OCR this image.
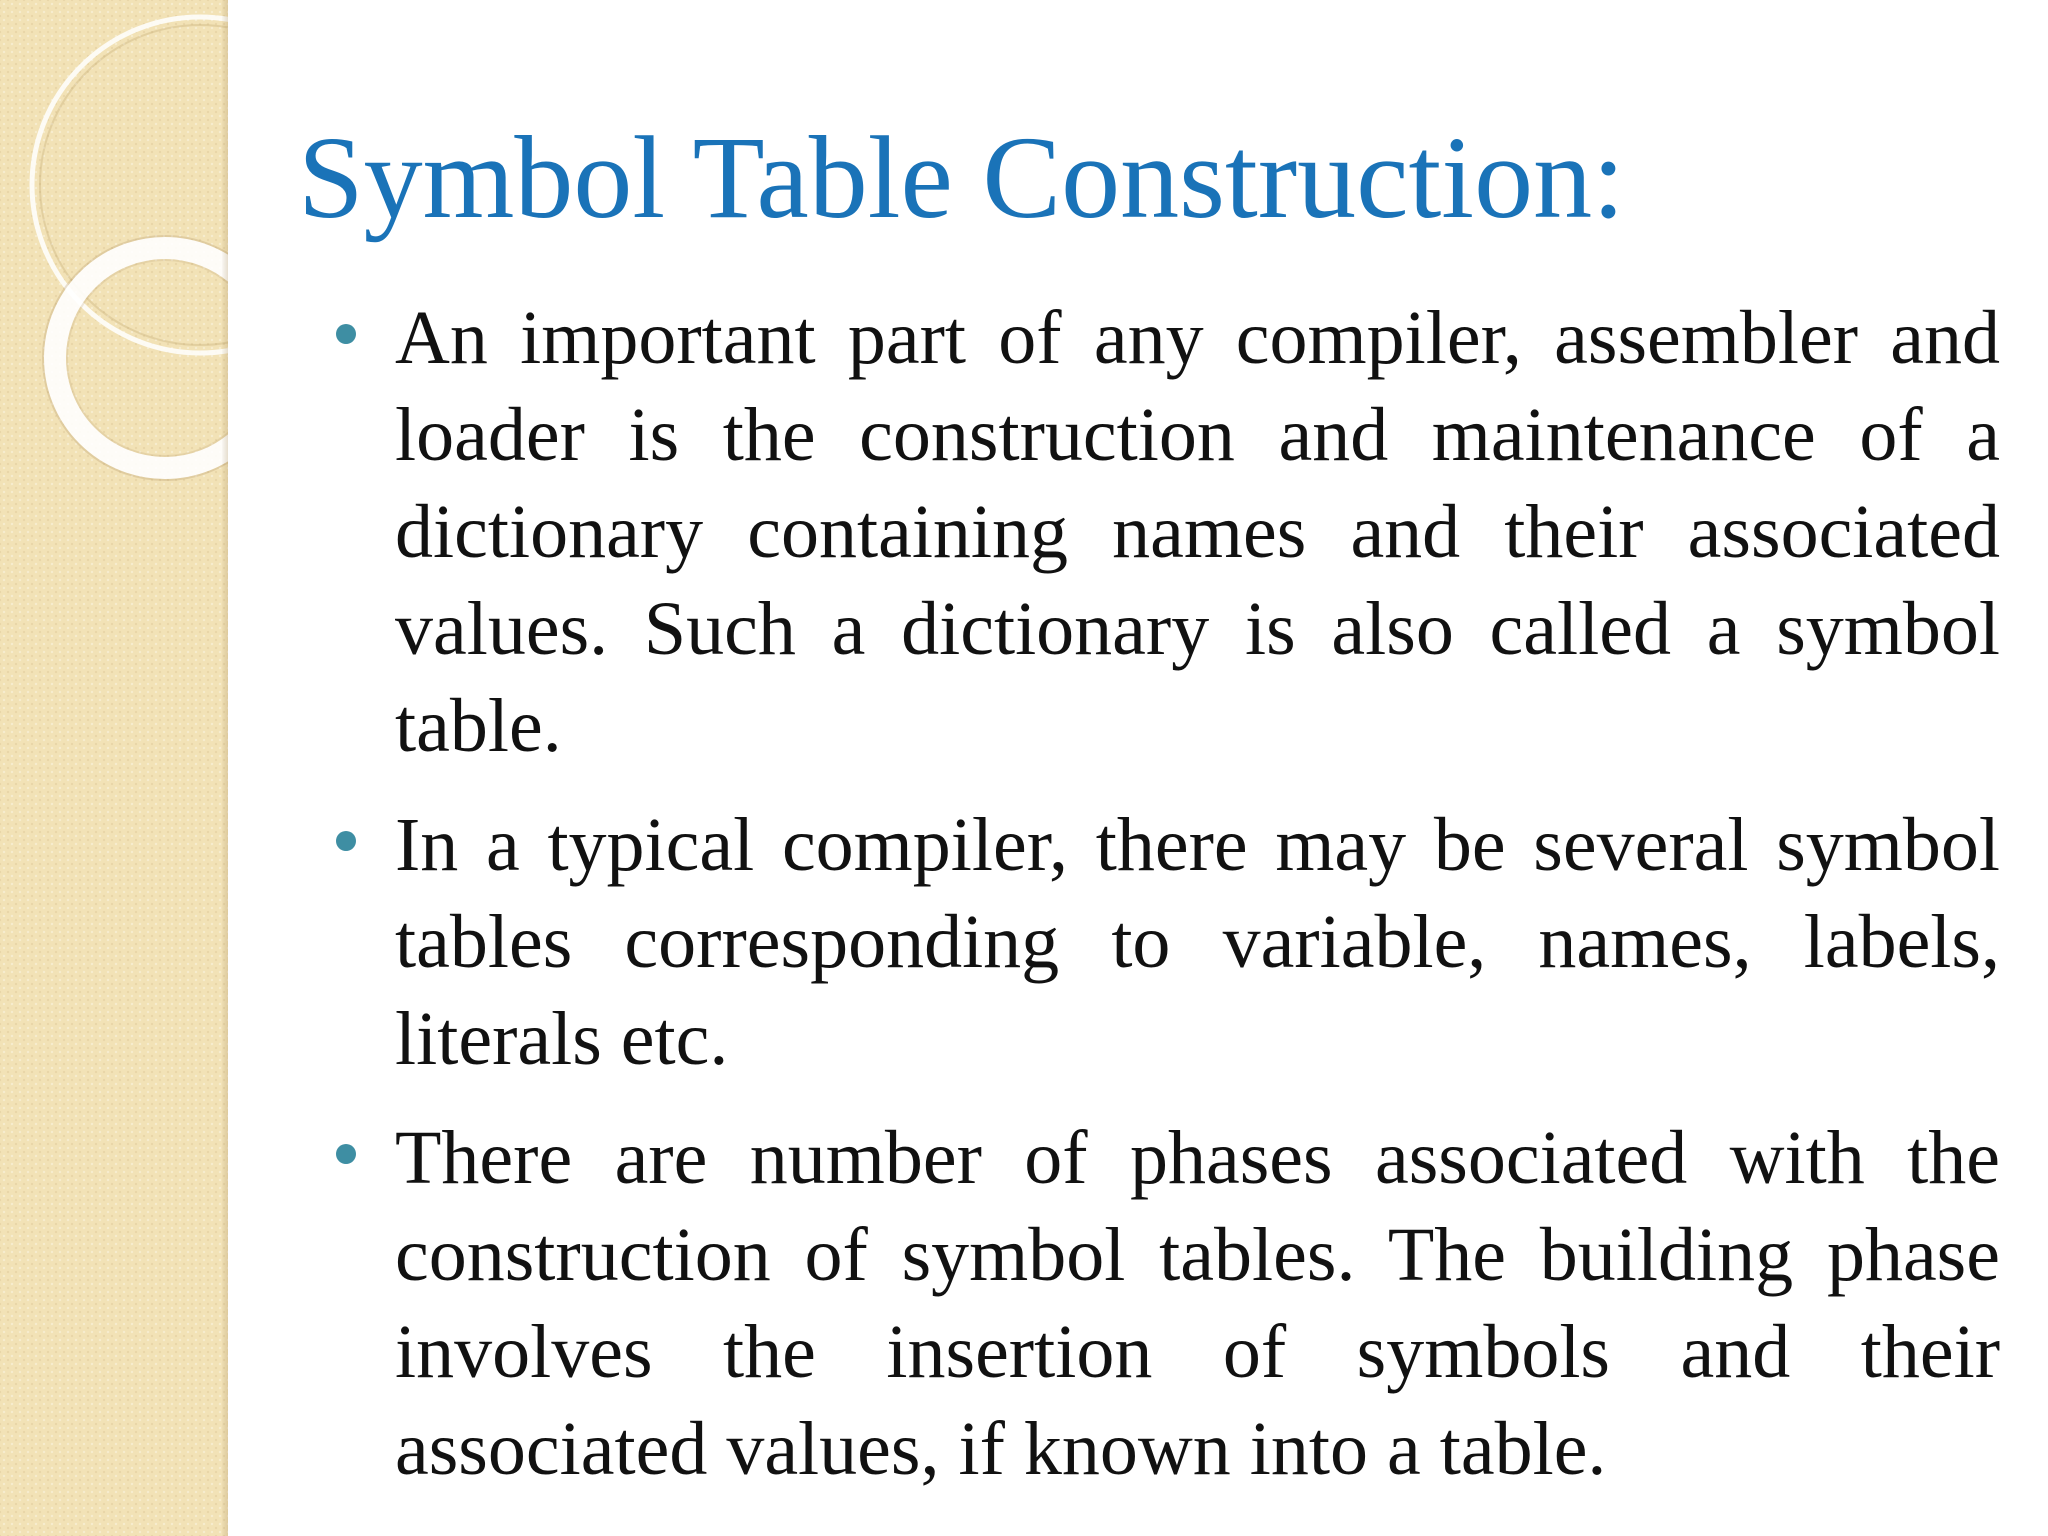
Symbol Table Construction:
An important part of any compiler, assembler and loader is the construction and maintenance of a dictionary containing names and their associated values. Such a dictionary is also called a symbol table.
In a typical compiler, there may be several symbol tables corresponding to variable, names, labels, literals etc.
There are number of phases associated with the construction of symbol tables. The building phase involves the insertion of symbols and their associated values, if known into a table.
